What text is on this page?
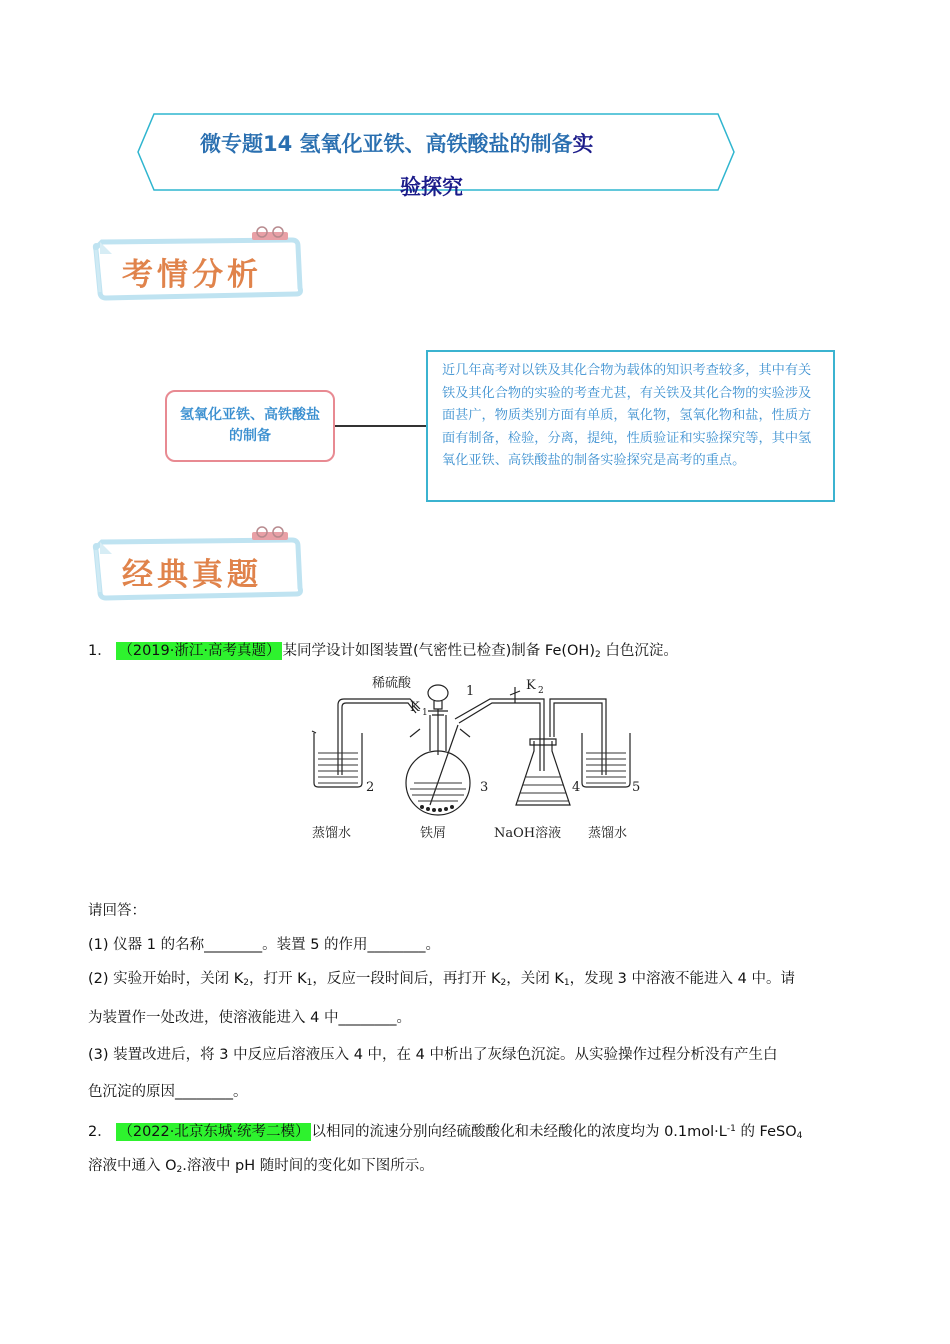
微专题14 氢氧化亚铁、高铁酸盐的制备实
验探究
考情分析
氢氧化亚铁、高铁酸盐的制备
近几年高考对以铁及其化合物为载体的知识考查较多，其中有关铁及其化合物的实验的考查尤甚，有关铁及其化合物的实验涉及面甚广，物质类别方面有单质，氧化物，氢氧化物和盐，性质方面有制备，检验，分离，提纯，性质验证和实验探究等，其中氢氧化亚铁、高铁酸盐的制备实验探究是高考的重点。
经典真题
1． （2019·浙江·高考真题） 某同学设计如图装置(气密性已检查)制备 $Fe(OH)_2$ 白色沉淀。
稀硫酸
1
K 1
K 2
2	3	4	5
蒸馏水	铁屑	NaOH溶液 蒸馏水
请回答：
(1) 仪器 1 的名称________。装置 5 的作用________。
(2) 实验开始时，关闭 $K_2$，打开 $K_1$，反应一段时间后，再打开 $K_2$，关闭 $K_1$，发现 3 中溶液不能进入 4 中。请
为装置作一处改进，使溶液能进入 4 中________。
(3) 装置改进后，将 3 中反应后溶液压入 4 中，在 4 中析出了灰绿色沉淀。从实验操作过程分析没有产生白
色沉淀的原因________。
2． （2022·北京东城·统考二模） 以相同的流速分别向经硫酸酸化和未经酸化的浓度均为 $0.1mol\cdot L^{-1}$ 的 FeSO$_4$
溶液中通入 $O_2$.溶液中 pH 随时间的变化如下图所示。
